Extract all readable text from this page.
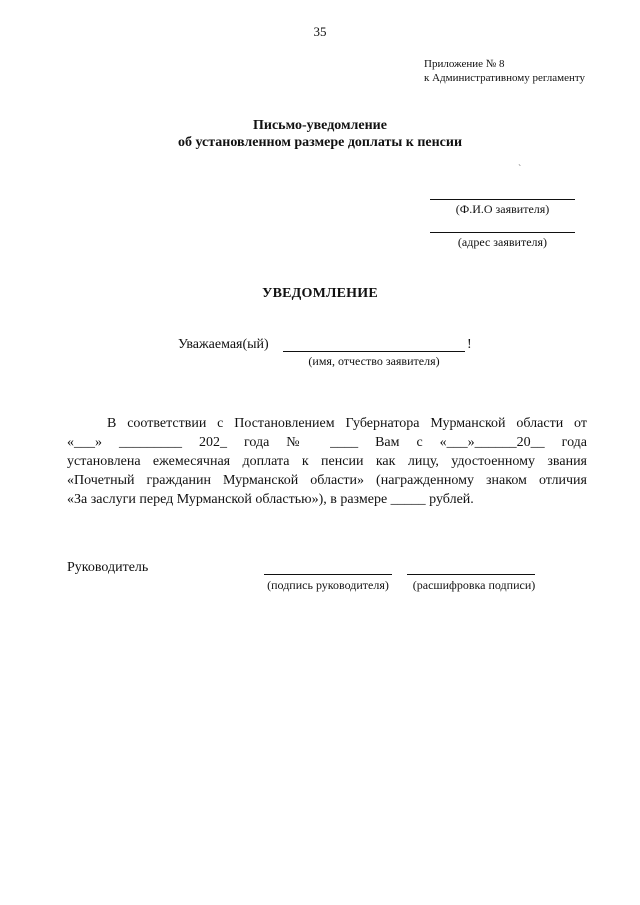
35
Приложение № 8
к Административному регламенту
Письмо-уведомление
об установленном размере доплаты к пенсии
`
(Ф.И.О заявителя)
(адрес заявителя)
УВЕДОМЛЕНИЕ
Уважаемая(ый)	!
(имя, отчество заявителя)
В соответствии с Постановлением Губернатора Мурманской области от
«___» _________ 202_ года № ____ Вам с «___»______20__ года
установлена ежемесячная доплата к пенсии как лицу, удостоенному звания
«Почетный гражданин Мурманской области» (награжденному знаком отличия
«За заслуги перед Мурманской областью»), в размере _____ рублей.
Руководитель
(подпись руководителя)	(расшифровка подписи)
